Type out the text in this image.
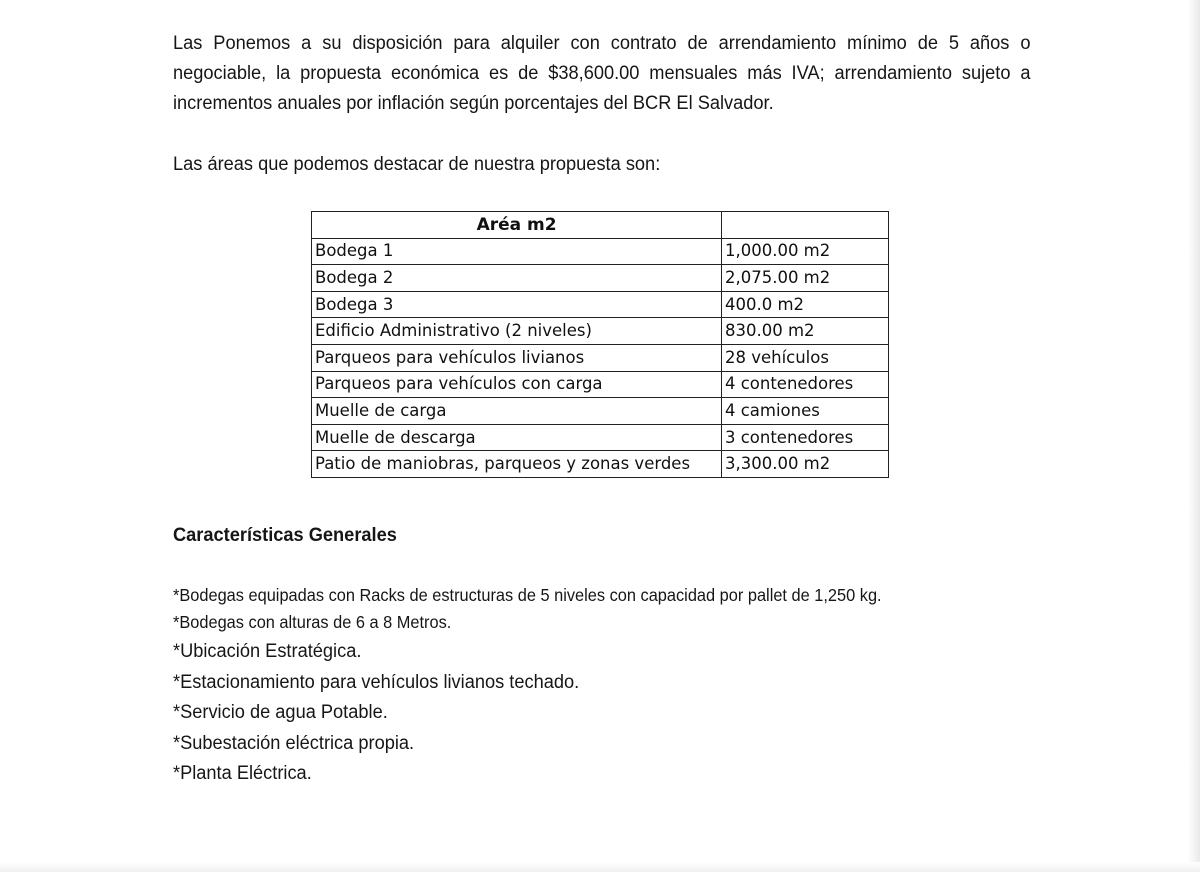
Las Ponemos a su disposición para alquiler con contrato de arrendamiento mínimo de 5 años o negociable, la propuesta económica es de $38,600.00 mensuales más IVA; arrendamiento sujeto a incrementos anuales por inflación según porcentajes del BCR El Salvador.

Las áreas que podemos destacar de nuestra propuesta son:

Aréa m2	
Bodega 1	1,000.00 m2
Bodega 2	2,075.00 m2
Bodega 3	400.0 m2
Edificio Administrativo (2 niveles)	830.00 m2
Parqueos para vehículos livianos	28 vehículos
Parqueos para vehículos con carga	4 contenedores
Muelle de carga	4 camiones
Muelle de descarga	3 contenedores
Patio de maniobras, parqueos y zonas verdes	3,300.00 m2
Características Generales
*Bodegas equipadas con Racks de estructuras de 5 niveles con capacidad por pallet de 1,250 kg.
*Bodegas con alturas de 6 a 8 Metros.
*Ubicación Estratégica.
*Estacionamiento para vehículos livianos techado.
*Servicio de agua Potable.
*Subestación eléctrica propia.
*Planta Eléctrica.
